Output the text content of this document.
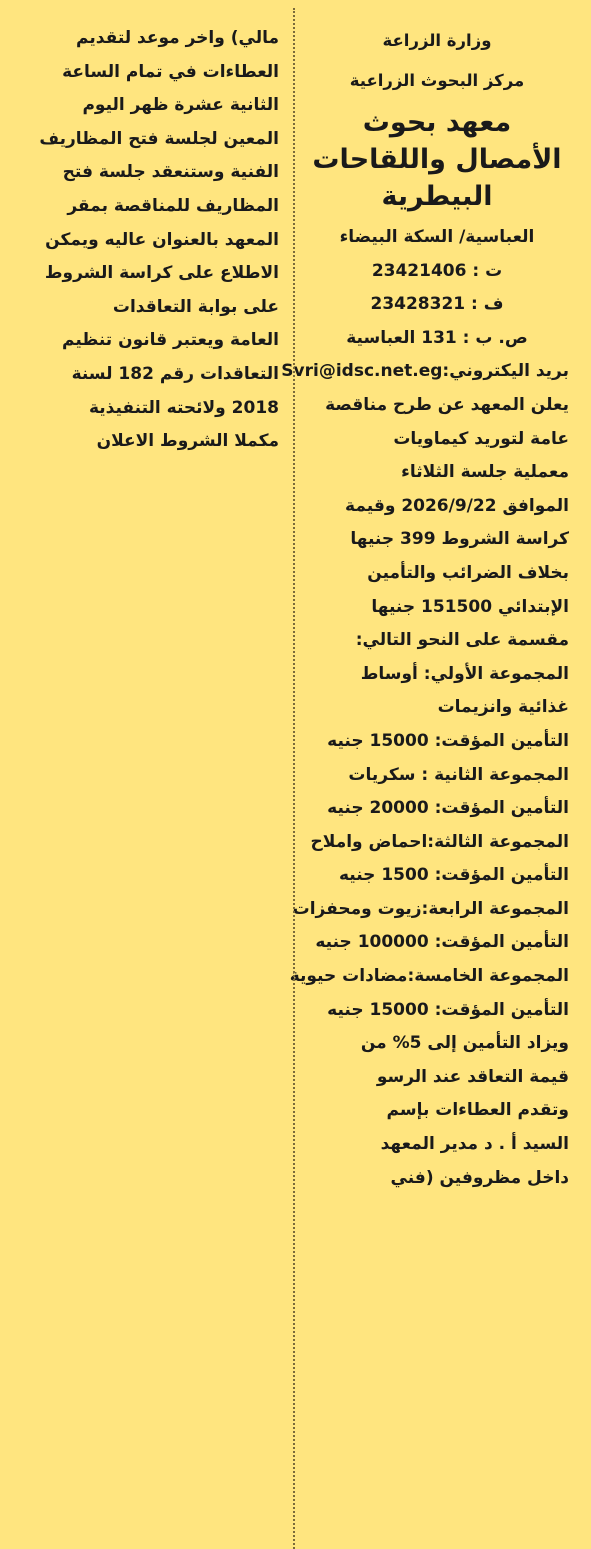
وزارة الزراعة
مركز البحوث الزراعية
معهد بحوث
الأمصال واللقاحات
البيطرية
العباسية/ السكة البيضاء
ت : 23421406
ف : 23428321
ص. ب : 131 العباسية
بريد اليكتروني:Svri@idsc.net.eg
يعلن المعهد عن طرح مناقصة
عامة لتوريد كيماويات
معملية جلسة الثلاثاء
الموافق 2026/9/22 وقيمة
كراسة الشروط 399 جنيها
بخلاف الضرائب والتأمين
الإبتدائي 151500 جنيها
مقسمة على النحو التالي:
المجموعة الأولي: أوساط
غذائية وانزيمات
التأمين المؤقت: 15000 جنيه
المجموعة الثانية : سكريات
التأمين المؤقت: 20000 جنيه
المجموعة الثالثة:احماض واملاح
التأمين المؤقت: 1500 جنيه
المجموعة الرابعة:زيوت ومحفزات
التأمين المؤقت: 100000 جنيه
المجموعة الخامسة:مضادات حيوية
التأمين المؤقت: 15000 جنيه
ويزاد التأمين إلى 5% من
قيمة التعاقد عند الرسو
وتقدم العطاءات بإسم
السيد أ . د مدير المعهد
داخل مظروفين (فني
مالي) واخر موعد لتقديم
العطاءات في تمام الساعة
الثانية عشرة ظهر اليوم
المعين لجلسة فتح المظاريف
الفنية وستنعقد جلسة فتح
المظاريف للمناقصة بمقر
المعهد بالعنوان عاليه ويمكن
الاطلاع على كراسة الشروط
على بوابة التعاقدات
العامة ويعتبر قانون تنظيم
التعاقدات رقم 182 لسنة
2018 ولائحته التنفيذية
مكملا الشروط الاعلان
